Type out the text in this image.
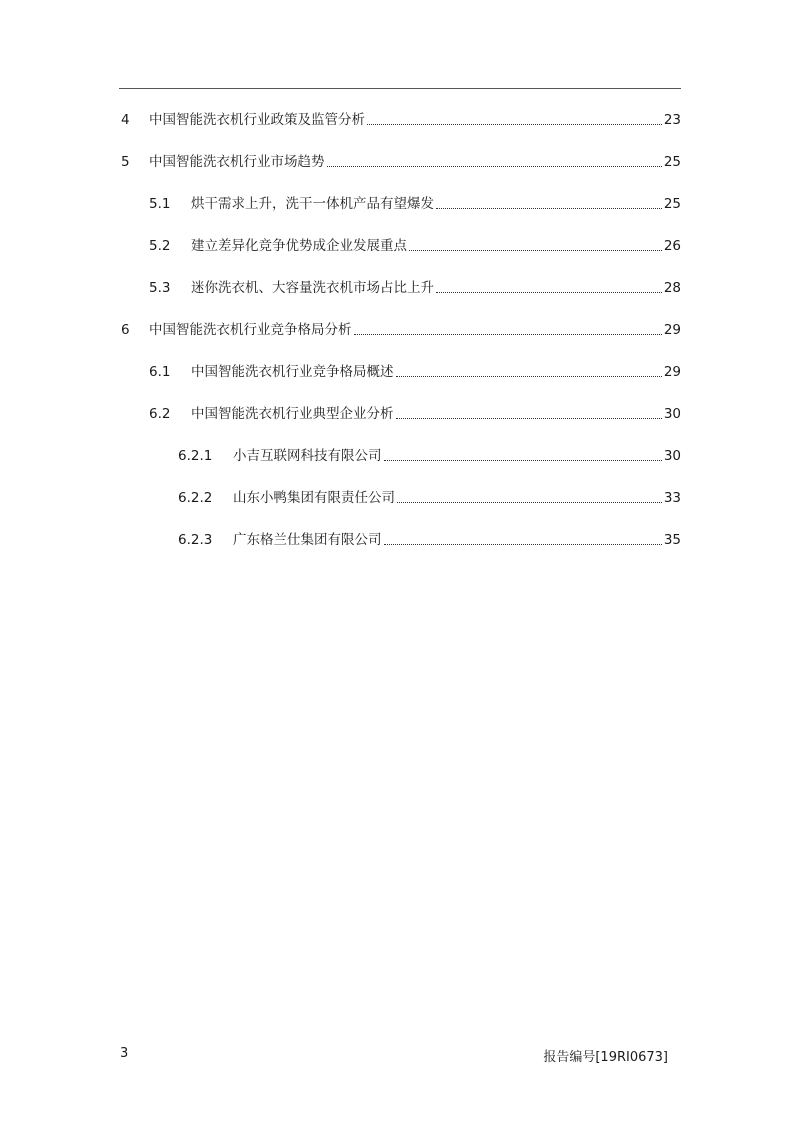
4	中国智能洗衣机行业政策及监管分析	23
5	中国智能洗衣机行业市场趋势	25
5.1	烘干需求上升，洗干一体机产品有望爆发	25
5.2	建立差异化竞争优势成企业发展重点	26
5.3	迷你洗衣机、大容量洗衣机市场占比上升	28
6	中国智能洗衣机行业竞争格局分析	29
6.1	中国智能洗衣机行业竞争格局概述	29
6.2	中国智能洗衣机行业典型企业分析	30
6.2.1	小吉互联网科技有限公司	30
6.2.2	山东小鸭集团有限责任公司	33
6.2.3	广东格兰仕集团有限公司	35
3	报告编号[19RI0673]
